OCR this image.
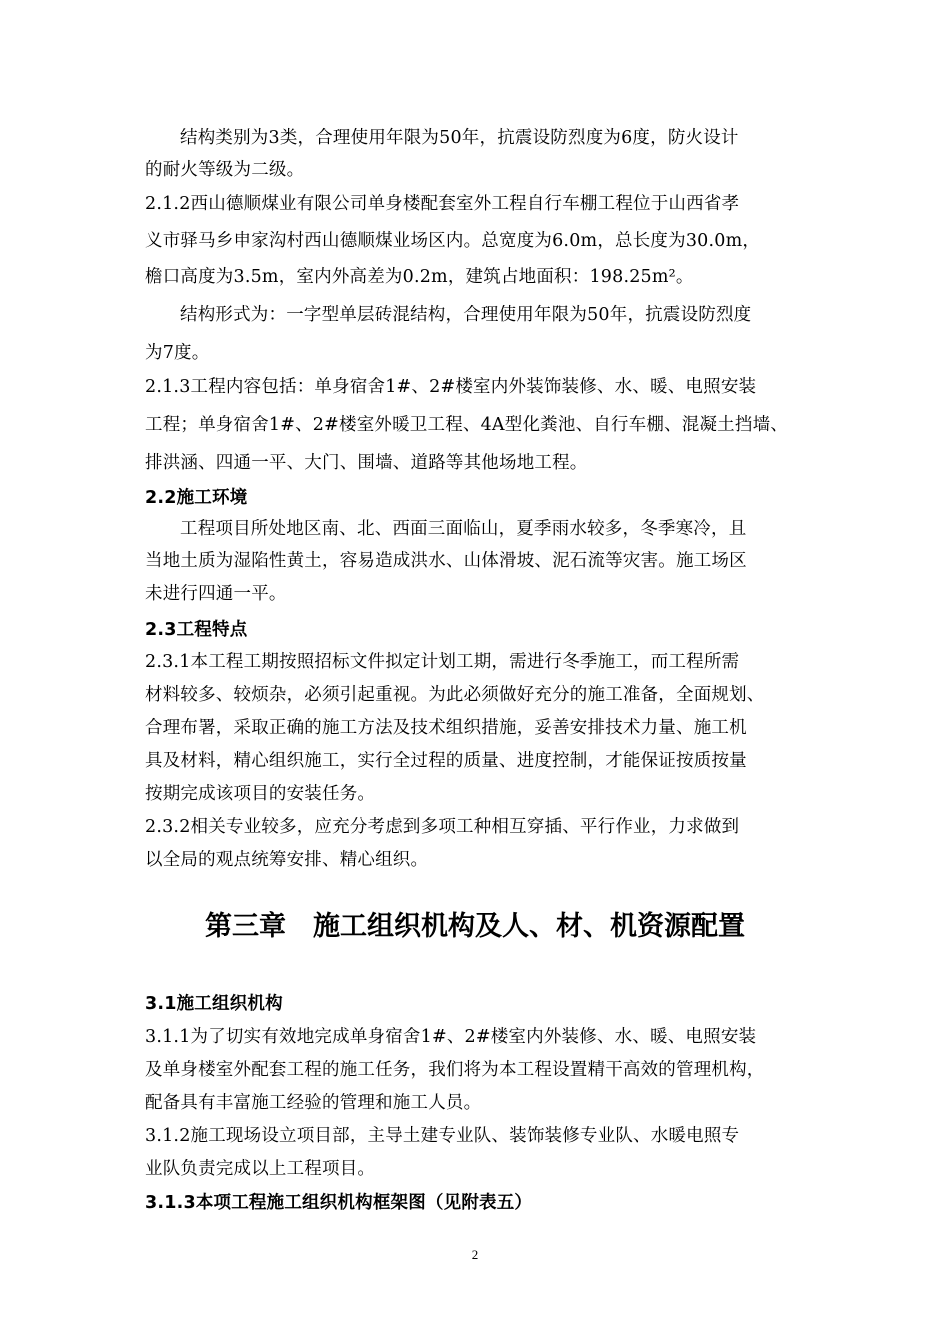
结构类别为3类，合理使用年限为50年，抗震设防烈度为6度，防火设计
的耐火等级为二级。
2.1.2西山德顺煤业有限公司单身楼配套室外工程自行车棚工程位于山西省孝
义市驿马乡申家沟村西山德顺煤业场区内。总宽度为6.0m，总长度为30.0m，
檐口高度为3.5m，室内外高差为0.2m，建筑占地面积：198.25m²。
结构形式为：一字型单层砖混结构，合理使用年限为50年，抗震设防烈度
为7度。
2.1.3工程内容包括：单身宿舍1#、2#楼室内外装饰装修、水、暖、电照安装
工程；单身宿舍1#、2#楼室外暖卫工程、4A型化粪池、自行车棚、混凝土挡墙、
排洪涵、四通一平、大门、围墙、道路等其他场地工程。
2.2施工环境
工程项目所处地区南、北、西面三面临山，夏季雨水较多，冬季寒冷，且
当地土质为湿陷性黄土，容易造成洪水、山体滑坡、泥石流等灾害。施工场区
未进行四通一平。
2.3工程特点
2.3.1本工程工期按照招标文件拟定计划工期，需进行冬季施工，而工程所需
材料较多、较烦杂，必须引起重视。为此必须做好充分的施工准备，全面规划、
合理布署，采取正确的施工方法及技术组织措施，妥善安排技术力量、施工机
具及材料，精心组织施工，实行全过程的质量、进度控制，才能保证按质按量
按期完成该项目的安装任务。
2.3.2相关专业较多，应充分考虑到多项工种相互穿插、平行作业，力求做到
以全局的观点统筹安排、精心组织。
第三章　施工组织机构及人、材、机资源配置
3.1施工组织机构
3.1.1为了切实有效地完成单身宿舍1#、2#楼室内外装修、水、暖、电照安装
及单身楼室外配套工程的施工任务，我们将为本工程设置精干高效的管理机构，
配备具有丰富施工经验的管理和施工人员。
3.1.2施工现场设立项目部，主导土建专业队、装饰装修专业队、水暖电照专
业队负责完成以上工程项目。
3.1.3本项工程施工组织机构框架图（见附表五）
2
